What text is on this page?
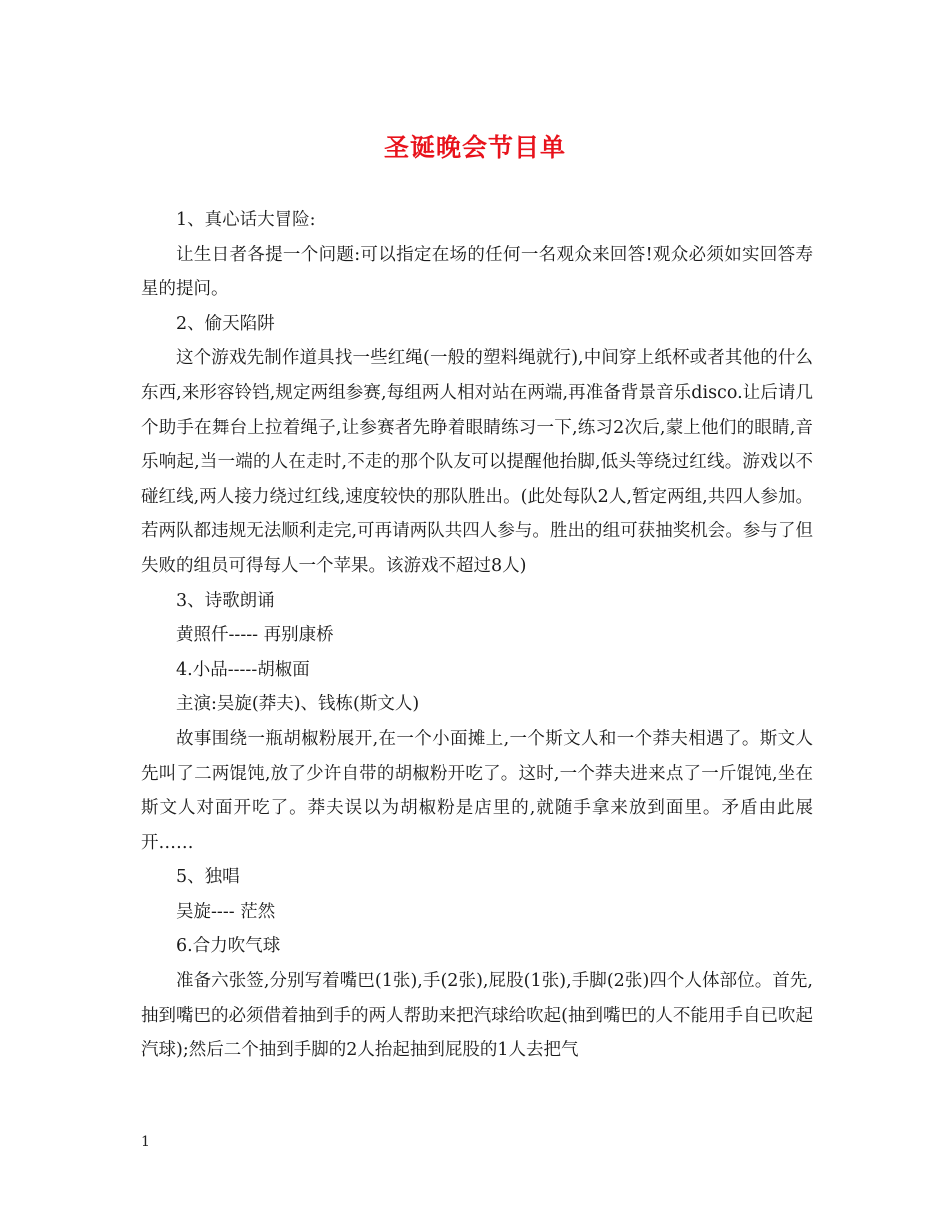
圣诞晚会节目单

1、真心话大冒险:

让生日者各提一个问题:可以指定在场的任何一名观众来回答!观众必须如实回答寿星的提问。

2、偷天陷阱

这个游戏先制作道具找一些红绳(一般的塑料绳就行),中间穿上纸杯或者其他的什么东西,来形容铃铛,规定两组参赛,每组两人相对站在两端,再准备背景音乐disco.让后请几个助手在舞台上拉着绳子,让参赛者先睁着眼睛练习一下,练习2次后,蒙上他们的眼睛,音乐响起,当一端的人在走时,不走的那个队友可以提醒他抬脚,低头等绕过红线。游戏以不碰红线,两人接力绕过红线,速度较快的那队胜出。(此处每队2人,暂定两组,共四人参加。若两队都违规无法顺利走完,可再请两队共四人参与。胜出的组可获抽奖机会。参与了但失败的组员可得每人一个苹果。该游戏不超过8人)

3、诗歌朗诵

黄照仟----- 再别康桥

4.小品-----胡椒面

主演:吴旋(莽夫)、钱栋(斯文人)

故事围绕一瓶胡椒粉展开,在一个小面摊上,一个斯文人和一个莽夫相遇了。斯文人先叫了二两馄饨,放了少许自带的胡椒粉开吃了。这时,一个莽夫进来点了一斤馄饨,坐在斯文人对面开吃了。莽夫误以为胡椒粉是店里的,就随手拿来放到面里。矛盾由此展开……

5、独唱

吴旋---- 茫然

6.合力吹气球

准备六张签,分别写着嘴巴(1张),手(2张),屁股(1张),手脚(2张)四个人体部位。首先,抽到嘴巴的必须借着抽到手的两人帮助来把汽球给吹起(抽到嘴巴的人不能用手自已吹起汽球);然后二个抽到手脚的2人抬起抽到屁股的1人去把气

1
